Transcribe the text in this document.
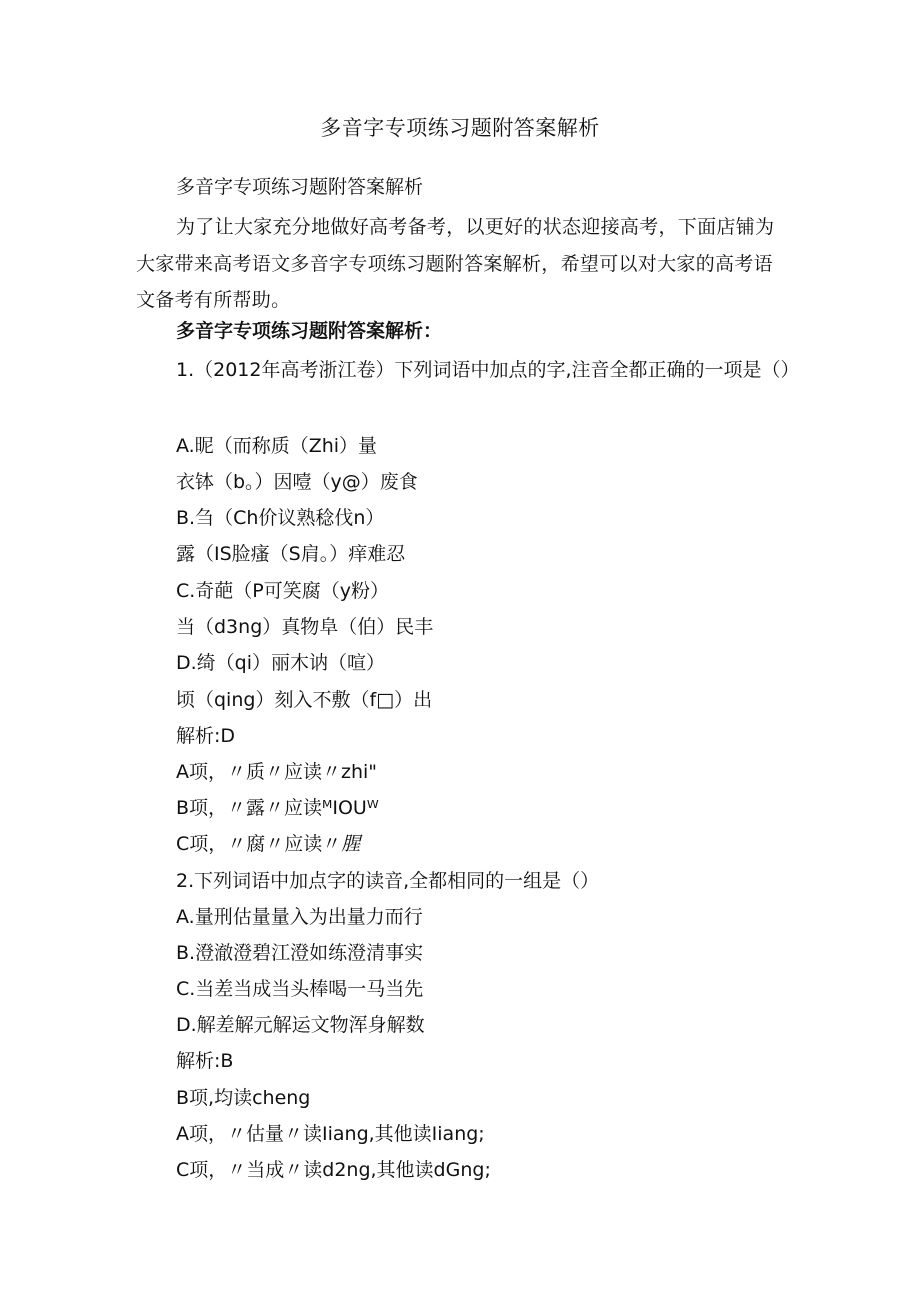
多音字专项练习题附答案解析
多音字专项练习题附答案解析
为了让大家充分地做好高考备考，以更好的状态迎接高考，下面店铺为大家带来高考语文多音字专项练习题附答案解析，希望可以对大家的高考语文备考有所帮助。
多音字专项练习题附答案解析：
1.（2012年高考浙江卷）下列词语中加点的字,注音全都正确的一项是（）
A.昵（而称质（Zhi）量
衣钵（b。）因噎（y@）废食
B.刍（Ch价议熟稔伐n）
露（IS脸瘙（S肩。）痒难忍
C.奇葩（P可笑腐（y粉）
当（d3ng）真物阜（伯）民丰
D.绮（qi）丽木讷（喧）
顷（qing）刻入不敷（f□）出
解析:D
A项，〃质〃应读〃zhi"
B项，〃露〃应读ᴹIOUᵂ
C项，〃腐〃应读〃腥
2.下列词语中加点字的读音,全都相同的一组是（）
A.量刑估量量入为出量力而行
B.澄澈澄碧江澄如练澄清事实
C.当差当成当头棒喝一马当先
D.解差解元解运文物浑身解数
解析:B
B项,均读cheng
A项，〃估量〃读Iiang,其他读Iiang;
C项，〃当成〃读d2ng,其他读dGng;
